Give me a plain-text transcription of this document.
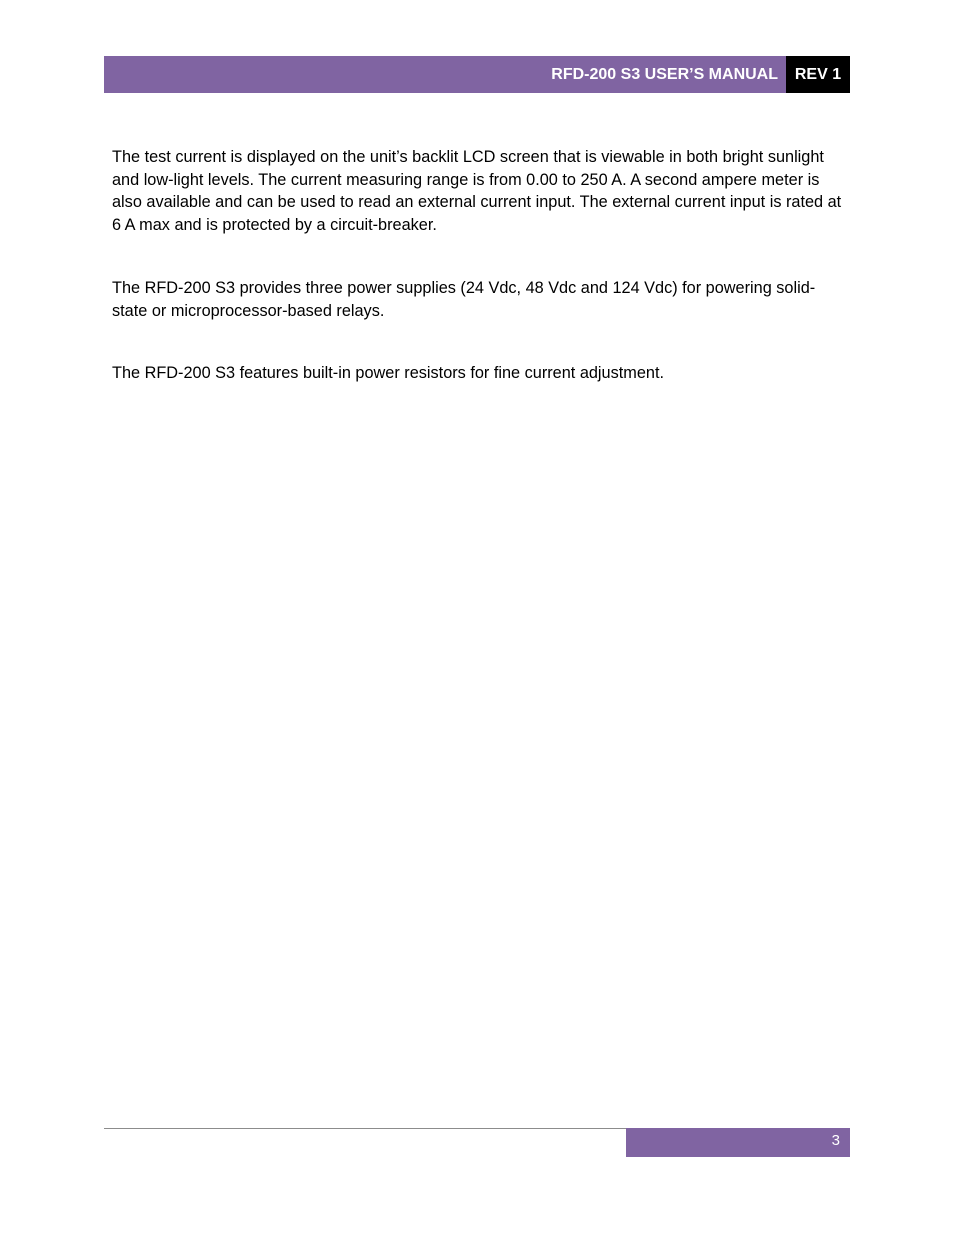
RFD-200 S3 USER’S MANUAL	REV 1

The test current is displayed on the unit’s backlit LCD screen that is viewable in both bright sunlight and low-light levels. The current measuring range is from 0.00 to 250 A. A second ampere meter is also available and can be used to read an external current input. The external current input is rated at 6 A max and is protected by a circuit-breaker.

The RFD-200 S3 provides three power supplies (24 Vdc, 48 Vdc and 124 Vdc) for powering solid-state or microprocessor-based relays.

The RFD-200 S3 features built-in power resistors for fine current adjustment.

3
